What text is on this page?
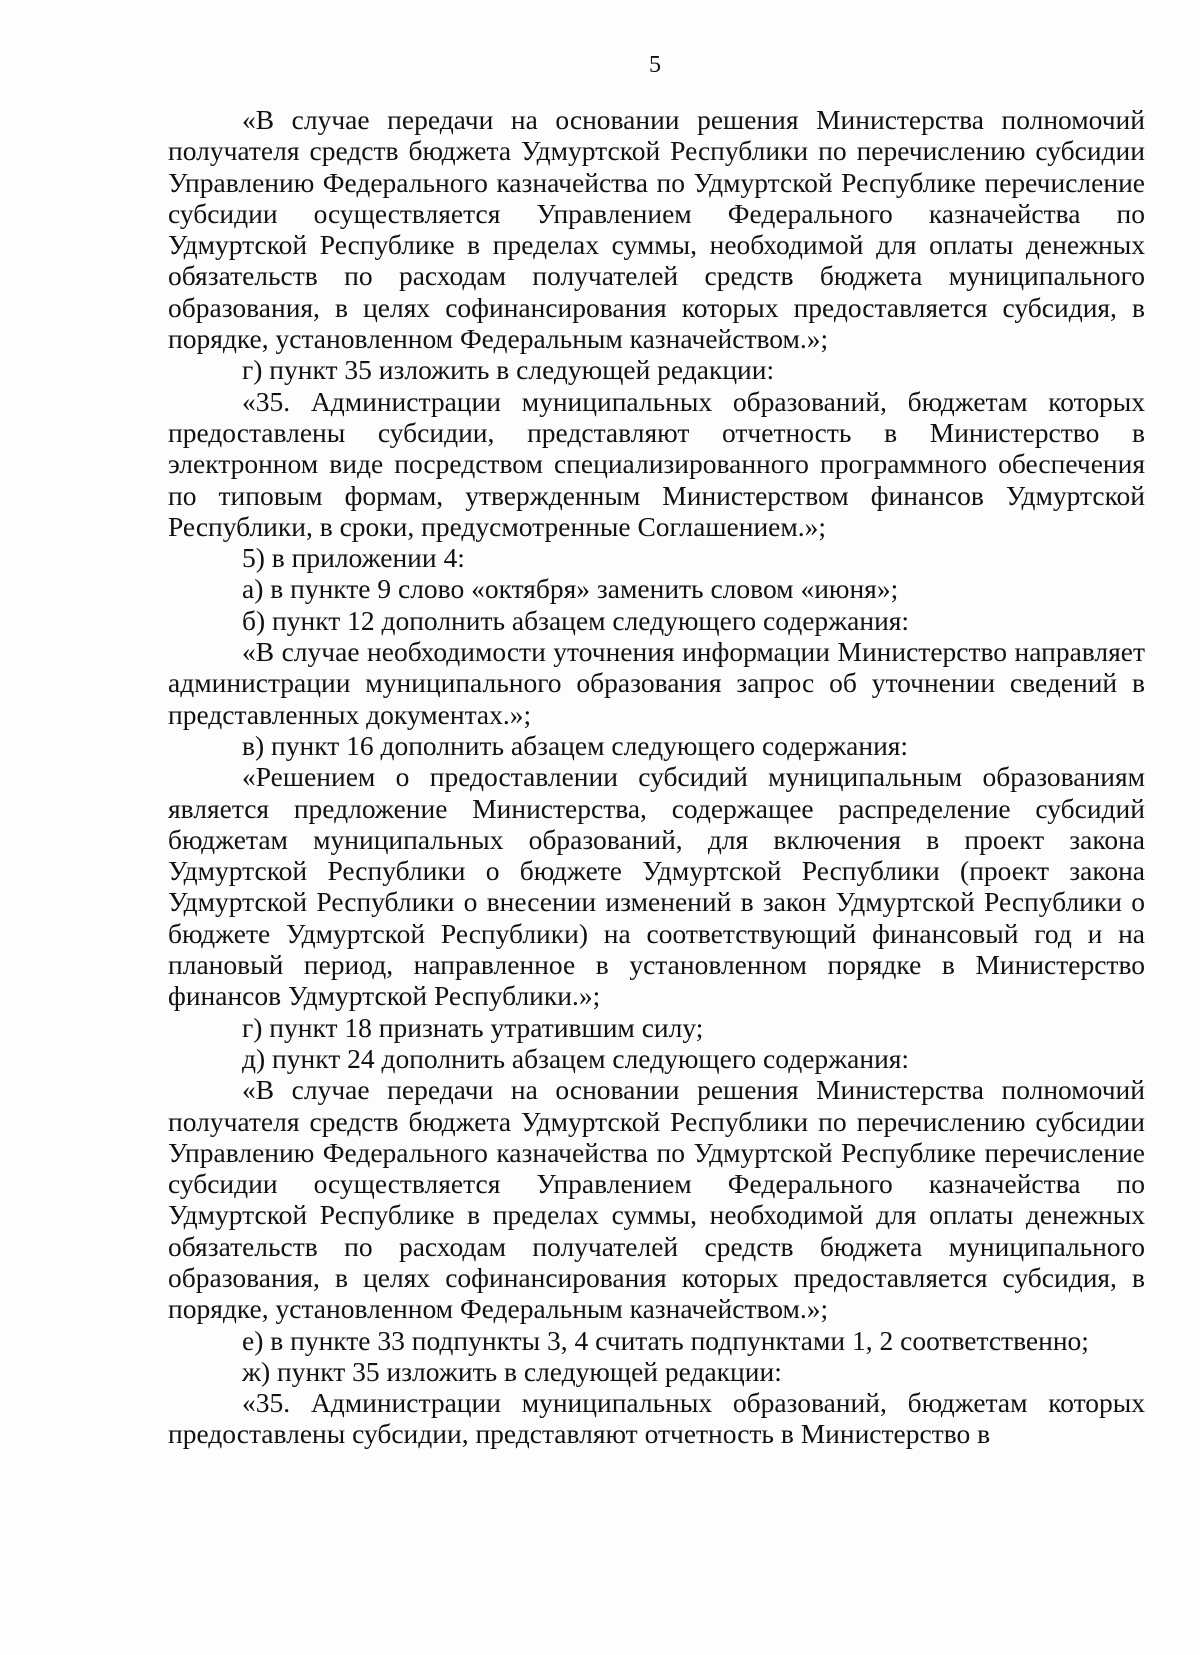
5

«В случае передачи на основании решения Министерства полномочий получателя средств бюджета Удмуртской Республики по перечислению субсидии Управлению Федерального казначейства по Удмуртской Республике перечисление субсидии осуществляется Управлением Федерального казначейства по Удмуртской Республике в пределах суммы, необходимой для оплаты денежных обязательств по расходам получателей средств бюджета муниципального образования, в целях софинансирования которых предоставляется субсидия, в порядке, установленном Федеральным казначейством.»;

г) пункт 35 изложить в следующей редакции:

«35. Администрации муниципальных образований, бюджетам которых предоставлены субсидии, представляют отчетность в Министерство в электронном виде посредством специализированного программного обеспечения по типовым формам, утвержденным Министерством финансов Удмуртской Республики, в сроки, предусмотренные Соглашением.»;

5) в приложении 4:

а) в пункте 9 слово «октября» заменить словом «июня»;

б) пункт 12 дополнить абзацем следующего содержания:

«В случае необходимости уточнения информации Министерство направляет администрации муниципального образования запрос об уточнении сведений в представленных документах.»;

в) пункт 16 дополнить абзацем следующего содержания:

«Решением о предоставлении субсидий муниципальным образованиям является предложение Министерства, содержащее распределение субсидий бюджетам муниципальных образований, для включения в проект закона Удмуртской Республики о бюджете Удмуртской Республики (проект закона Удмуртской Республики о внесении изменений в закон Удмуртской Республики о бюджете Удмуртской Республики) на соответствующий финансовый год и на плановый период, направленное в установленном порядке в Министерство финансов Удмуртской Республики.»;

г) пункт 18 признать утратившим силу;

д) пункт 24 дополнить абзацем следующего содержания:

«В случае передачи на основании решения Министерства полномочий получателя средств бюджета Удмуртской Республики по перечислению субсидии Управлению Федерального казначейства по Удмуртской Республике перечисление субсидии осуществляется Управлением Федерального казначейства по Удмуртской Республике в пределах суммы, необходимой для оплаты денежных обязательств по расходам получателей средств бюджета муниципального образования, в целях софинансирования которых предоставляется субсидия, в порядке, установленном Федеральным казначейством.»;

е) в пункте 33 подпункты 3, 4 считать подпунктами 1, 2 соответственно;

ж) пункт 35 изложить в следующей редакции:

«35. Администрации муниципальных образований, бюджетам которых предоставлены субсидии, представляют отчетность в Министерство в
